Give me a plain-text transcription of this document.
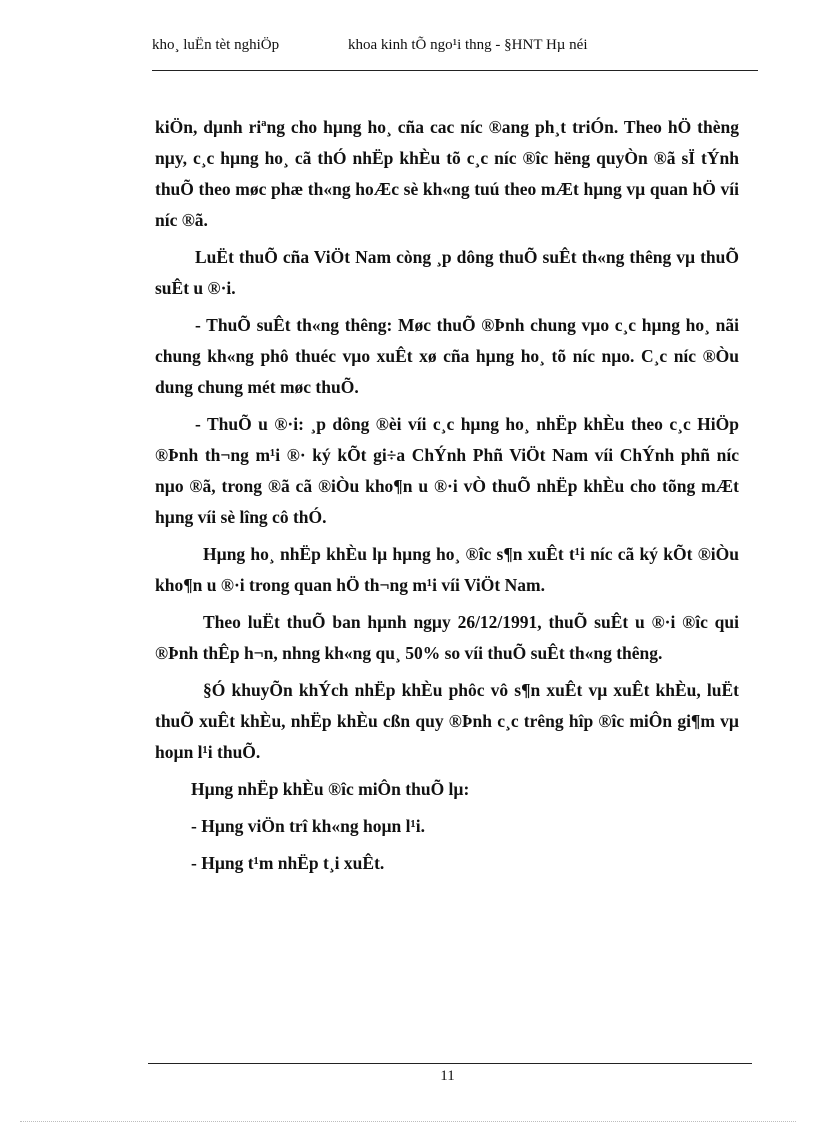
kho¸ luËn tèt nghiÖp	khoa kinh tÕ ngo¹i thng - §HNT Hµ néi

kiÖn, dµnh riªng cho hµng ho¸ cña cac níc ®ang ph¸t triÓn. Theo hÖ thèng nµy, c¸c hµng ho¸ cã thÓ nhËp khÈu tõ c¸c níc ®îc hëng quyÒn ®ã sÏ tÝnh thuÕ theo møc phæ th«ng hoÆc sè kh«ng tuú theo mÆt hµng vµ quan hÖ víi níc ®ã.

LuËt thuÕ cña ViÖt Nam còng ¸p dông thuÕ suÊt th«ng thêng vµ thuÕ suÊt u ®·i.

- ThuÕ suÊt th«ng thêng: Møc thuÕ ®Þnh chung vµo c¸c hµng ho¸ nãi chung kh«ng phô thuéc vµo xuÊt xø cña hµng ho¸ tõ níc nµo. C¸c níc ®Òu dung chung mét møc thuÕ.

- ThuÕ u ®·i: ¸p dông ®èi víi c¸c hµng ho¸ nhËp khÈu theo c¸c HiÖp ®Þnh th¬ng m¹i ®· ký kÕt gi÷a ChÝnh Phñ ViÖt Nam víi ChÝnh phñ níc nµo ®ã, trong ®ã cã ®iÒu kho¶n u ®·i vÒ thuÕ nhËp khÈu cho tõng mÆt hµng víi sè lîng cô thÓ.

Hµng ho¸ nhËp khÈu lµ hµng ho¸ ®îc s¶n xuÊt t¹i níc cã ký kÕt ®iÒu kho¶n u ®·i trong quan hÖ th¬ng m¹i víi ViÖt Nam.

Theo luËt thuÕ ban hµnh ngµy 26/12/1991, thuÕ suÊt u ®·i ®îc qui ®Þnh thÊp h¬n, nhng kh«ng qu¸ 50% so víi thuÕ suÊt th«ng thêng.

§Ó khuyÕn khÝch nhËp khÈu phôc vô s¶n xuÊt vµ xuÊt khÈu, luËt thuÕ xuÊt khÈu, nhËp khÈu cßn quy ®Þnh c¸c trêng hîp ®îc miÔn gi¶m vµ hoµn l¹i thuÕ.

Hµng nhËp khÈu ®îc miÔn thuÕ lµ:

- Hµng viÖn trî kh«ng hoµn l¹i.

- Hµng t¹m nhËp t¸i xuÊt.

11
